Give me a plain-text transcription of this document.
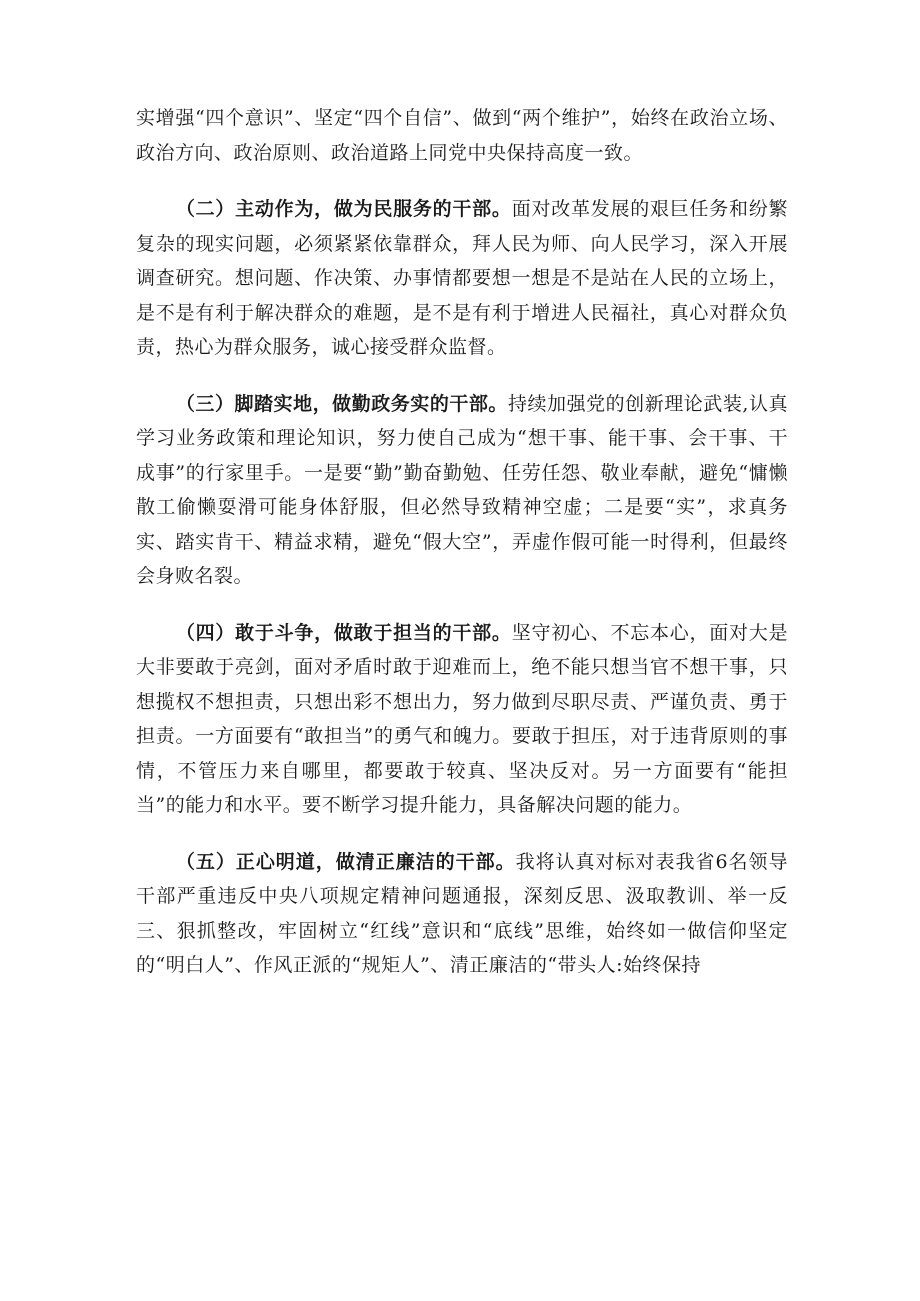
实增强“四个意识”、坚定“四个自信”、做到“两个维护”，始终在政治立场、政治方向、政治原则、政治道路上同党中央保持高度一致。

（二）主动作为，做为民服务的干部。面对改革发展的艰巨任务和纷繁复杂的现实问题，必须紧紧依靠群众，拜人民为师、向人民学习，深入开展调查研究。想问题、作决策、办事情都要想一想是不是站在人民的立场上，是不是有利于解决群众的难题，是不是有利于增进人民福社，真心对群众负责，热心为群众服务，诚心接受群众监督。

（三）脚踏实地，做勤政务实的干部。持续加强党的创新理论武装,认真学习业务政策和理论知识，努力使自己成为“想干事、能干事、会干事、干成事”的行家里手。一是要“勤”勤奋勤勉、任劳任怨、敬业奉献，避免“慵懒散工偷懒耍滑可能身体舒服，但必然导致精神空虚；二是要“实”，求真务实、踏实肯干、精益求精，避免“假大空”，弄虚作假可能一时得利，但最终会身败名裂。

（四）敢于斗争，做敢于担当的干部。坚守初心、不忘本心，面对大是大非要敢于亮剑，面对矛盾时敢于迎难而上，绝不能只想当官不想干事，只想揽权不想担责，只想出彩不想出力，努力做到尽职尽责、严谨负责、勇于担责。一方面要有“敢担当”的勇气和魄力。要敢于担压，对于违背原则的事情，不管压力来自哪里，都要敢于较真、坚决反对。另一方面要有“能担当”的能力和水平。要不断学习提升能力，具备解决问题的能力。

（五）正心明道，做清正廉洁的干部。我将认真对标对表我省6名领导干部严重违反中央八项规定精神问题通报，深刻反思、汲取教训、举一反三、狠抓整改，牢固树立“红线”意识和“底线”思维，始终如一做信仰坚定的“明白人”、作风正派的“规矩人”、清正廉洁的“带头人:始终保持
